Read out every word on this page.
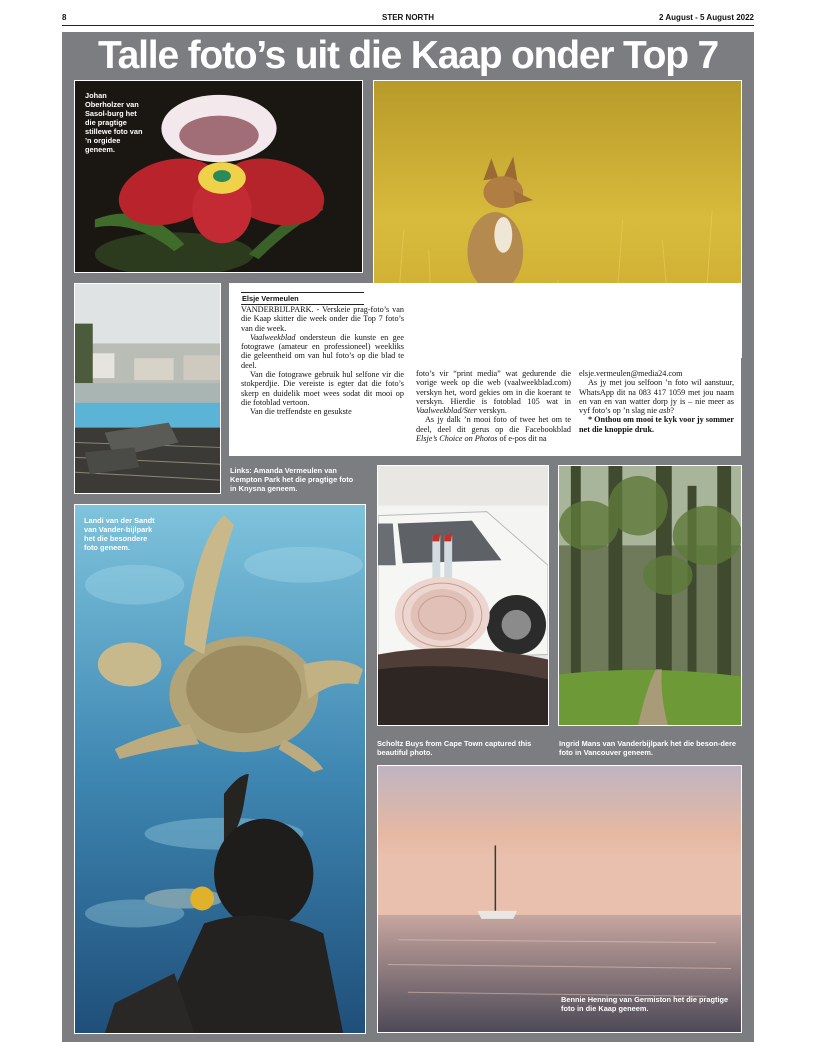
8	STER NORTH	2 August - 5 August 2022
Talle foto’s uit die Kaap onder Top 7
Johan Oberholzer van Sasol-burg het die pragtige stillewe foto van ’n orgidee geneem.
Links: Amanda Vermeulen van Kempton Park het die pragtige foto in Knysna geneem.
Elsje Vermeulen

VANDERBIJLPARK. - Verskeie prag-foto’s van die Kaap skitter die week onder die Top 7 foto’s van die week.

Vaalweekblad ondersteun die kunste en gee fotograwe (amateur en professioneel) weekliks die geleentheid om van hul foto’s op die blad te deel.

Van die fotograwe gebruik hul selfone vir die stokperdjie. Die vereiste is egter dat die foto’s skerp en duidelik moet wees sodat dit mooi op die fotoblad vertoon.

Van die treffendste en gesukste

foto’s vir “print media” wat gedurende die vorige week op die web (vaalweekblad.com) verskyn het, word gekies om in die koerant te verskyn. Hierdie is fotoblad 105 wat in Vaalweekblad/Ster verskyn.

As jy dalk ’n mooi foto of twee het om te deel, deel dit gerus op die Facebookblad Elsje’s Choice on Photos of e-pos dit na

elsje.vermeulen@media24.com

As jy met jou selfoon ’n foto wil aanstuur, WhatsApp dit na 083 417 1059 met jou naam en van en van watter dorp jy is – nie meer as vyf foto’s op ’n slag nie asb?

* Onthou om mooi te kyk voor jy sommer net die knoppie druk.

Landi van der Sandt van Vander-bijlpark het die besondere foto geneem.
Scholtz Buys from Cape Town captured this beautiful photo.
Ingrid Mans van Vanderbijlpark het die beson-dere foto in Vancouver geneem.
Bennie Henning van Germiston het die pragtige foto in die Kaap geneem.
